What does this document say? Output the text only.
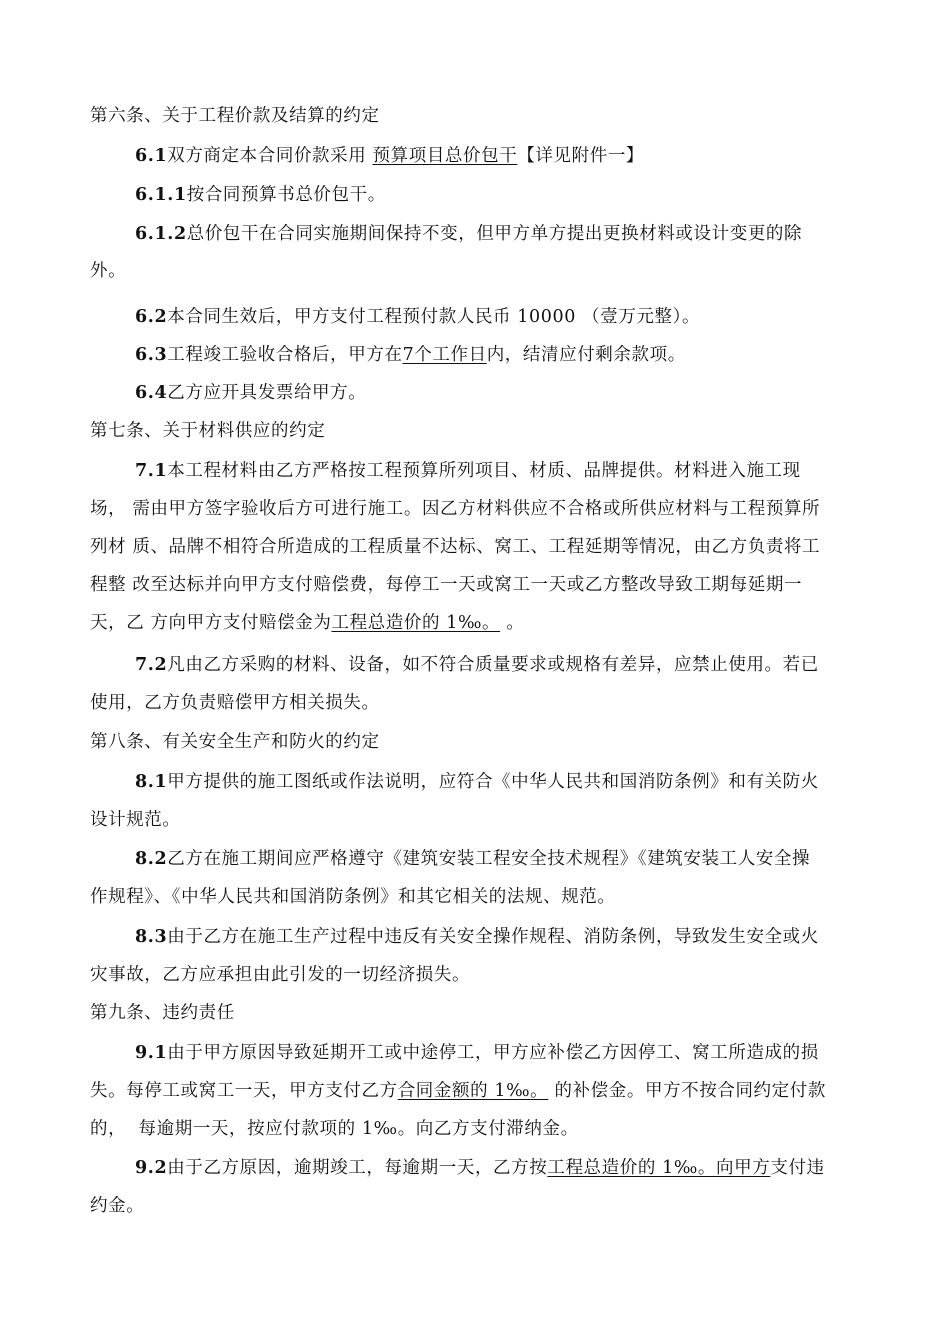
第六条、关于工程价款及结算的约定

6.1双方商定本合同价款采用 预算项目总价包干【详见附件一】

6.1.1按合同预算书总价包干。

6.1.2总价包干在合同实施期间保持不变，但甲方单方提出更换材料或设计变更的除

外。

6.2本合同生效后，甲方支付工程预付款人民币 10000 （壹万元整）。

6.3工程竣工验收合格后，甲方在7个工作日内，结清应付剩余款项。

6.4乙方应开具发票给甲方。

第七条、关于材料供应的约定

7.1本工程材料由乙方严格按工程预算所列项目、材质、品牌提供。材料进入施工现

场， 需由甲方签字验收后方可进行施工。因乙方材料供应不合格或所供应材料与工程预算所

列材 质、品牌不相符合所造成的工程质量不达标、窝工、工程延期等情况，由乙方负责将工

程整 改至达标并向甲方支付赔偿费，每停工一天或窝工一天或乙方整改导致工期每延期一

天，乙 方向甲方支付赔偿金为工程总造价的 1‰。 。

7.2凡由乙方采购的材料、设备，如不符合质量要求或规格有差异，应禁止使用。若已

使用，乙方负责赔偿甲方相关损失。

第八条、有关安全生产和防火的约定

8.1甲方提供的施工图纸或作法说明，应符合《中华人民共和国消防条例》和有关防火

设计规范。

8.2乙方在施工期间应严格遵守《建筑安装工程安全技术规程》《建筑安装工人安全操

作规程》、《中华人民共和国消防条例》和其它相关的法规、规范。

8.3由于乙方在施工生产过程中违反有关安全操作规程、消防条例，导致发生安全或火

灾事故，乙方应承担由此引发的一切经济损失。

第九条、违约责任

9.1由于甲方原因导致延期开工或中途停工，甲方应补偿乙方因停工、窝工所造成的损

失。每停工或窝工一天，甲方支付乙方合同金额的 1‰。 的补偿金。甲方不按合同约定付款

的，  每逾期一天，按应付款项的 1‰。向乙方支付滞纳金。

9.2由于乙方原因，逾期竣工，每逾期一天，乙方按工程总造价的 1‰。向甲方支付违

约金。
